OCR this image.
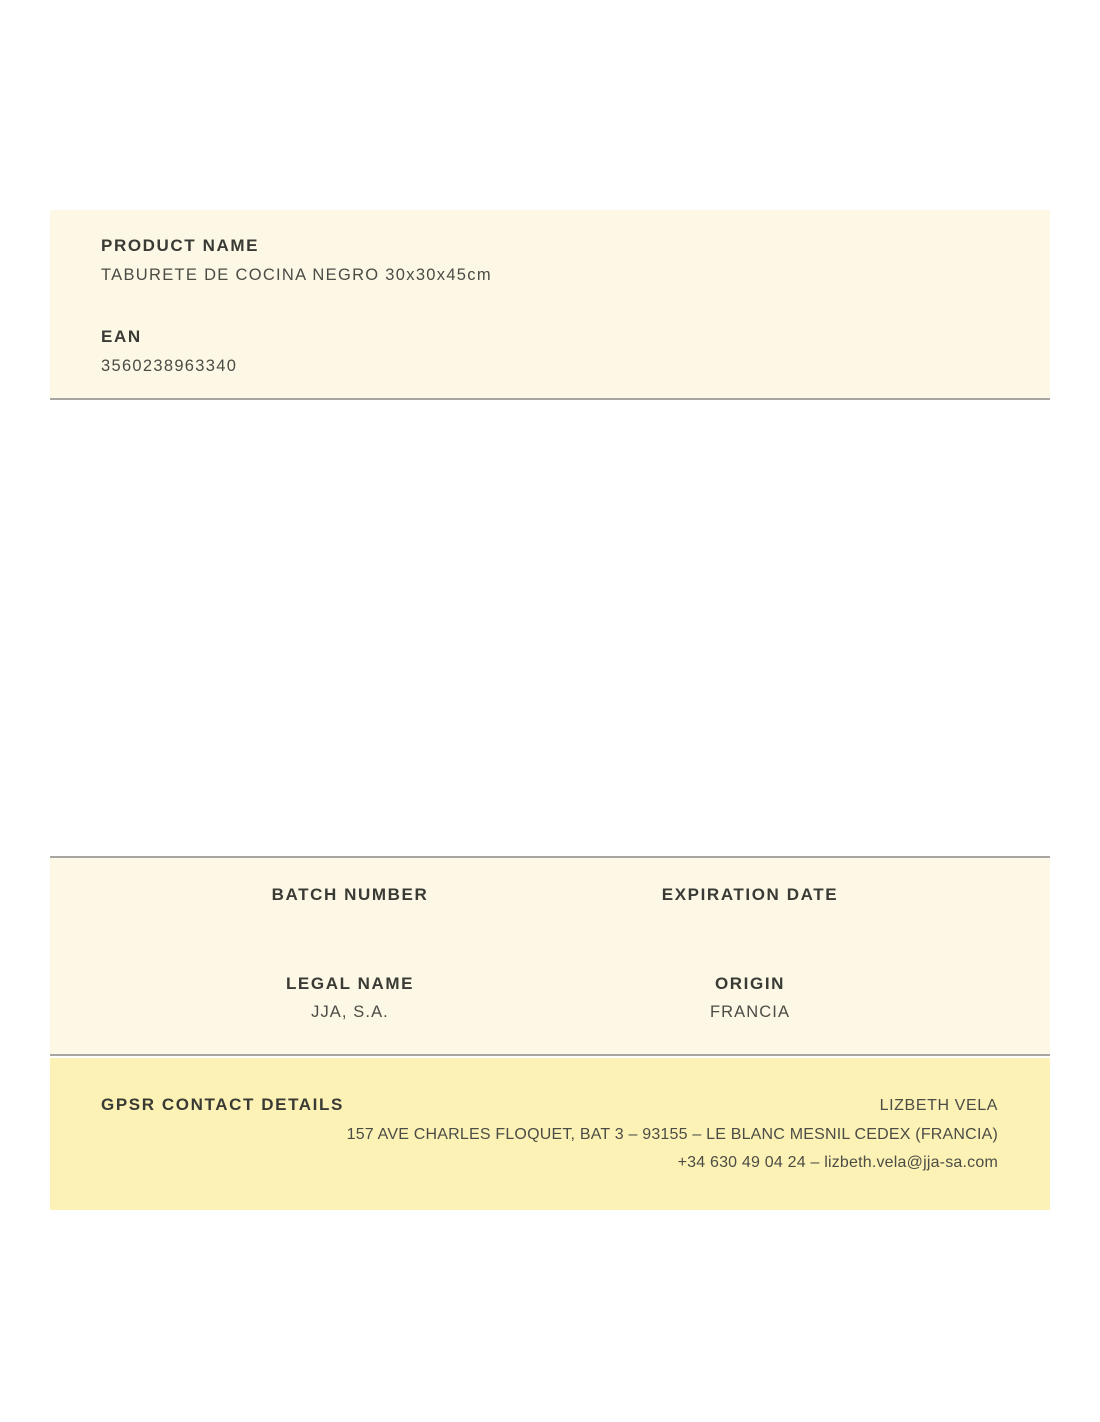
PRODUCT NAME
TABURETE DE COCINA NEGRO 30x30x45cm
EAN
3560238963340
BATCH NUMBER	EXPIRATION DATE
LEGAL NAME
JJA, S.A.
ORIGIN
FRANCIA
GPSR CONTACT DETAILS	LIZBETH VELA
157 AVE CHARLES FLOQUET, BAT 3 – 93155 – LE BLANC MESNIL CEDEX (FRANCIA)
+34 630 49 04 24 – lizbeth.vela@jja-sa.com
